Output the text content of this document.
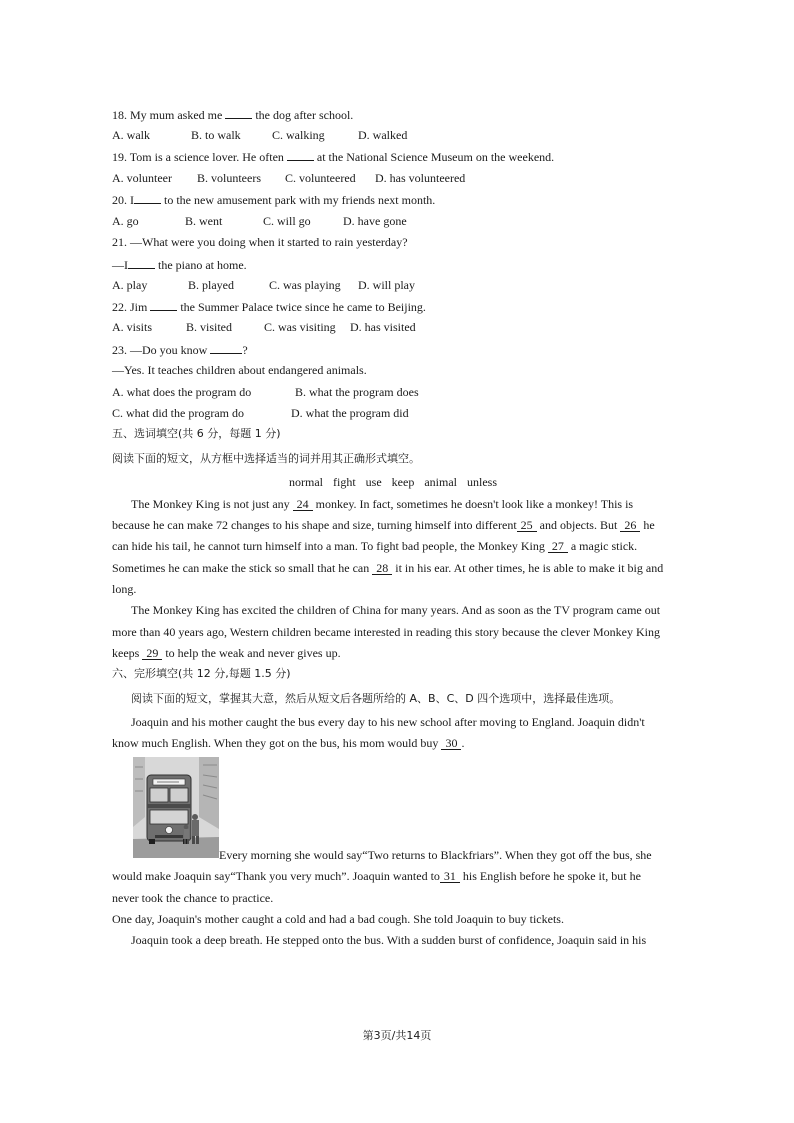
18. My mum asked me  the dog after school.
A. walk	B. to walk	C. walking	D. walked
19. Tom is a science lover. He often  at the National Science Museum on the weekend.
A. volunteer B. volunteers C. volunteered D. has volunteered
20. I to the new amusement park with my friends next month.
A. go	B. went	C. will go	D. have gone
21. —What were you doing when it started to rain yesterday?
—I the piano at home.
A. play	B. played	C. was playing D. will play
22. Jim  the Summer Palace twice since he came to Beijing.
A. visits	B. visited	C. was visiting D. has visited
23. —Do you know	?
—Yes. It teaches children about endangered animals.
A. what does the program do	B. what the program does
C. what did the program do	D. what the program did
五、选词填空(共 6 分，每题 1 分)
阅读下面的短文，从方框中选择适当的词并用其正确形式填空。
normal fight use keep animal unless
The Monkey King is not just any 24 monkey. In fact, sometimes he doesn't look like a monkey! This is
because he can make 72 changes to his shape and size, turning himself into different 25 and objects. But 26 he
can hide his tail, he cannot turn himself into a man. To fight bad people, the Monkey King 27 a magic stick.
Sometimes he can make the stick so small that he can 28 it in his ear. At other times, he is able to make it big and
long.
The Monkey King has excited the children of China for many years. And as soon as the TV program came out
more than 40 years ago, Western children became interested in reading this story because the clever Monkey King
keeps 29 to help the weak and never gives up.
六、完形填空(共 12 分,每题 1.5 分)
阅读下面的短文，掌握其大意，然后从短文后各题所给的 A、B、C、D 四个选项中，选择最佳选项。
Joaquin and his mother caught the bus every day to his new school after moving to England. Joaquin didn't
know much English. When they got on the bus, his mom would buy 30 .
Every morning she would say“Two returns to Blackfriars”. When they got off the bus, she
would make Joaquin say“Thank you very much”. Joaquin wanted to 31 his English before he spoke it, but he
never took the chance to practice.
One day, Joaquin's mother caught a cold and had a bad cough. She told Joaquin to buy tickets.
Joaquin took a deep breath. He stepped onto the bus. With a sudden burst of confidence, Joaquin said in his
第3页/共14页
